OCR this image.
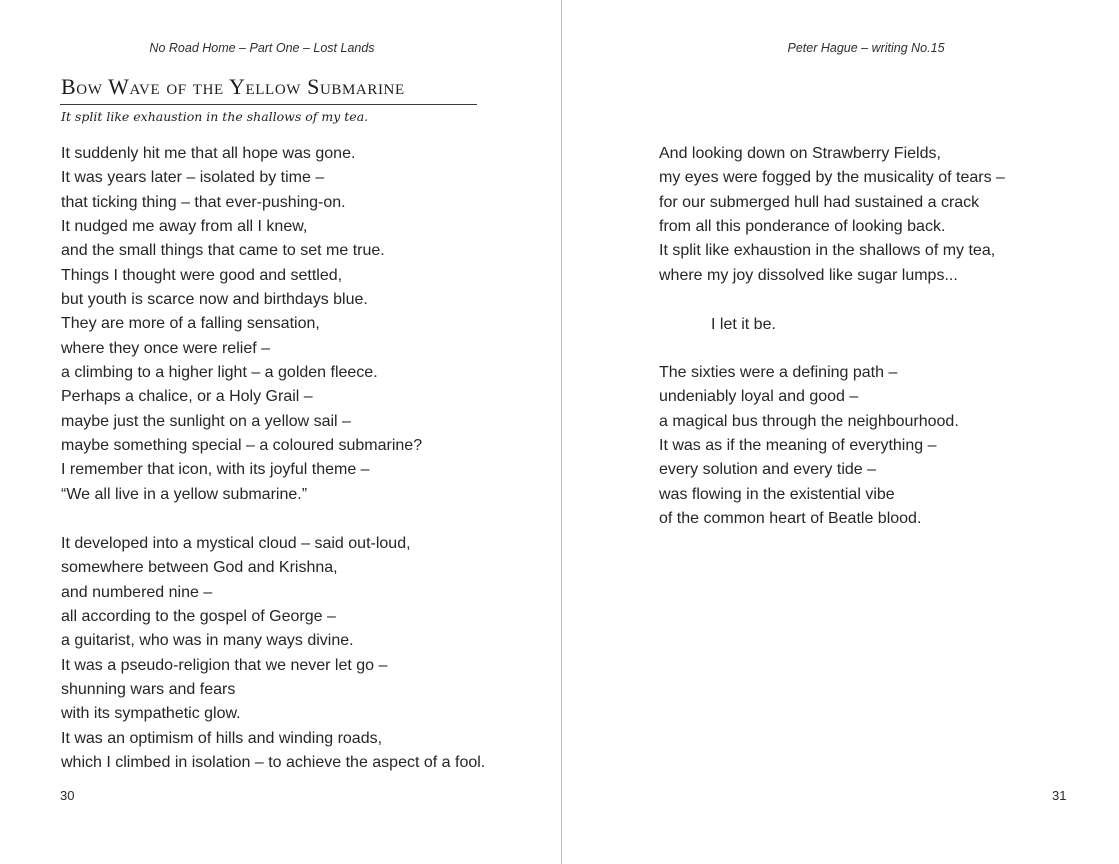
No Road Home – Part One – Lost Lands
Bow Wave of the Yellow Submarine
It split like exhaustion in the shallows of my tea.
It suddenly hit me that all hope was gone.
It was years later – isolated by time –
that ticking thing – that ever-pushing-on.
It nudged me away from all I knew,
and the small things that came to set me true.
Things I thought were good and settled,
but youth is scarce now and birthdays blue.
They are more of a falling sensation,
where they once were relief –
a climbing to a higher light – a golden fleece.
Perhaps a chalice, or a Holy Grail –
maybe just the sunlight on a yellow sail –
maybe something special – a coloured submarine?
I remember that icon, with its joyful theme –
“We all live in a yellow submarine.”
It developed into a mystical cloud – said out-loud,
somewhere between God and Krishna,
and numbered nine –
all according to the gospel of George –
a guitarist, who was in many ways divine.
It was a pseudo-religion that we never let go –
shunning wars and fears
with its sympathetic glow.
It was an optimism of hills and winding roads,
which I climbed in isolation – to achieve the aspect of a fool.
30
Peter Hague – writing No.15
And looking down on Strawberry Fields,
my eyes were fogged by the musicality of tears –
for our submerged hull had sustained a crack
from all this ponderance of looking back.
It split like exhaustion in the shallows of my tea,
where my joy dissolved like sugar lumps...
I let it be.
The sixties were a defining path –
undeniably loyal and good –
a magical bus through the neighbourhood.
It was as if the meaning of everything –
every solution and every tide –
was flowing in the existential vibe
of the common heart of Beatle blood.
31
